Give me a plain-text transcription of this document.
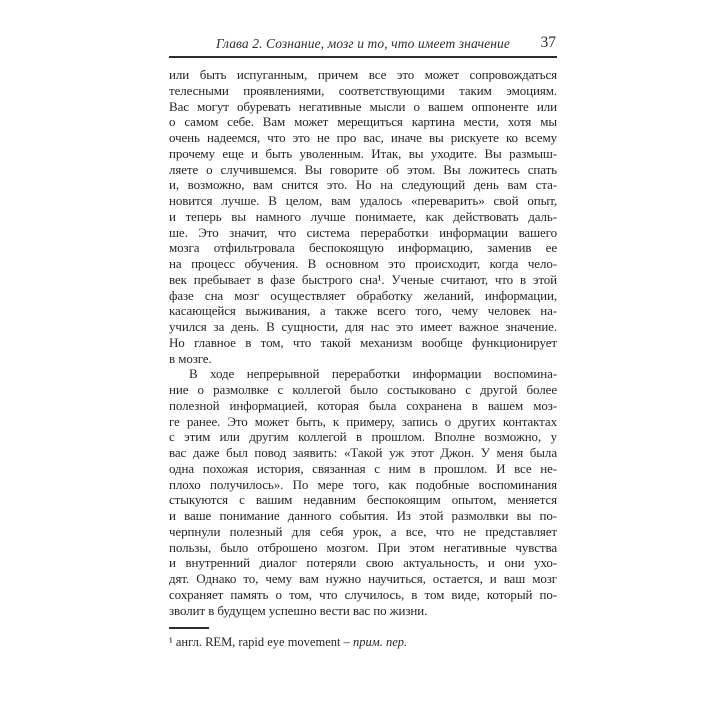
Глава 2. Сознание, мозг и то, что имеет значение	37
или быть испуганным, причем все это может сопровождаться
телесными проявлениями, соответствующими таким эмоциям.
Вас могут обуревать негативные мысли о вашем оппоненте или
о самом себе. Вам может мерещиться картина мести, хотя мы
очень надеемся, что это не про вас, иначе вы рискуете ко всему
прочему еще и быть уволенным. Итак, вы уходите. Вы размыш-
ляете о случившемся. Вы говорите об этом. Вы ложитесь спать
и, возможно, вам снится это. Но на следующий день вам ста-
новится лучше. В целом, вам удалось «переварить» свой опыт,
и теперь вы намного лучше понимаете, как действовать даль-
ше. Это значит, что система переработки информации вашего
мозга отфильтровала беспокоящую информацию, заменив ее
на процесс обучения. В основном это происходит, когда чело-
век пребывает в фазе быстрого сна¹. Ученые считают, что в этой
фазе сна мозг осуществляет обработку желаний, информации,
касающейся выживания, а также всего того, чему человек на-
учился за день. В сущности, для нас это имеет важное значение.
Но главное в том, что такой механизм вообще функционирует
в мозге.
В ходе непрерывной переработки информации воспомина-
ние о размолвке с коллегой было состыковано с другой более
полезной информацией, которая была сохранена в вашем моз-
ге ранее. Это может быть, к примеру, запись о других контактах
с этим или другим коллегой в прошлом. Вполне возможно, у
вас даже был повод заявить: «Такой уж этот Джон. У меня была
одна похожая история, связанная с ним в прошлом. И все не-
плохо получилось». По мере того, как подобные воспоминания
стыкуются с вашим недавним беспокоящим опытом, меняется
и ваше понимание данного события. Из этой размолвки вы по-
черпнули полезный для себя урок, а все, что не представляет
пользы, было отброшено мозгом. При этом негативные чувства
и внутренний диалог потеряли свою актуальность, и они ухо-
дят. Однако то, чему вам нужно научиться, остается, и ваш мозг
сохраняет память о том, что случилось, в том виде, который по-
зволит в будущем успешно вести вас по жизни.
¹ англ. REM, rapid eye movement – прим. пер.
